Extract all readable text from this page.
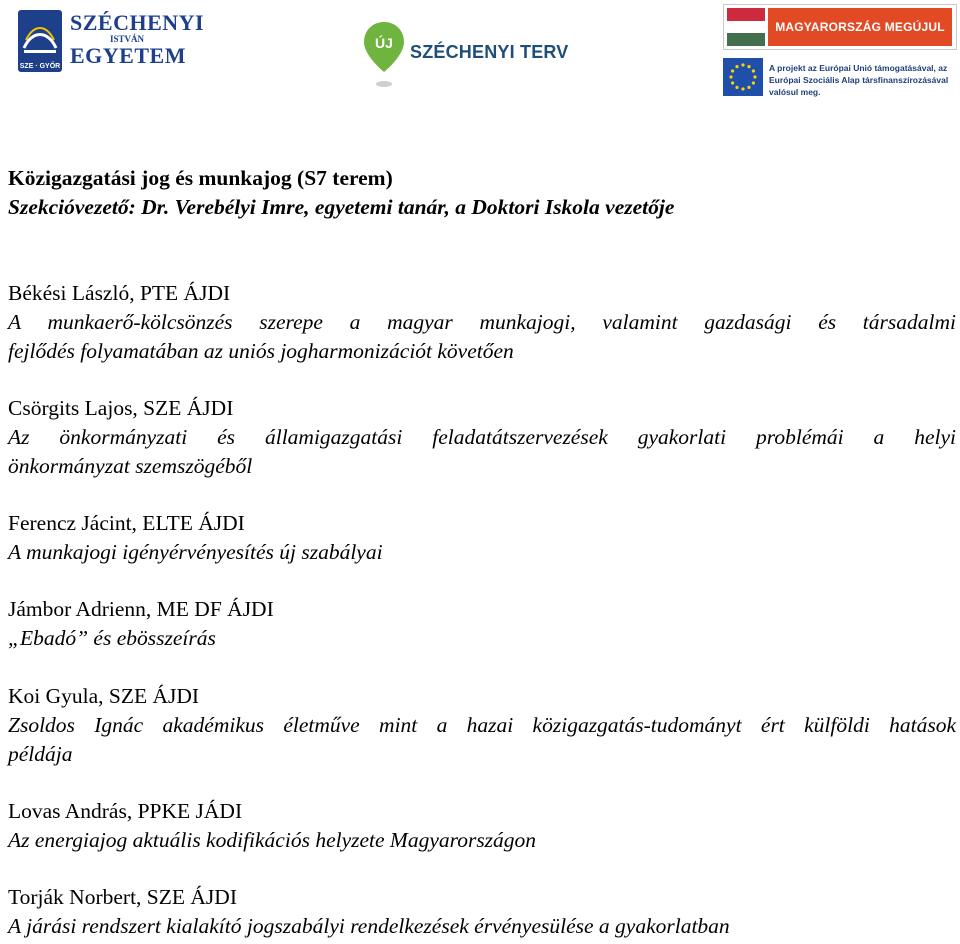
SZE · GYŐR
SZÉCHENYI
ISTVÁN
EGYETEM	ÚJ SZÉCHENYI TERV
MAGYARORSZÁG MEGÚJUL
A projekt az Európai Unió támogatásával, az Európai Szociális Alap társfinanszírozásával valósul meg.
Közigazgatási jog és munkajog (S7 terem)
Szekcióvezető: Dr. Verebélyi Imre, egyetemi tanár, a Doktori Iskola vezetője
Békési László, PTE ÁJDI
A munkaerő-kölcsönzés szerepe a magyar munkajogi, valamint gazdasági és társadalmi
fejlődés folyamatában az uniós jogharmonizációt követően
Csörgits Lajos, SZE ÁJDI
Az önkormányzati és államigazgatási feladatátszervezések gyakorlati problémái a helyi
önkormányzat szemszögéből
Ferencz Jácint, ELTE ÁJDI
A munkajogi igényérvényesítés új szabályai
Jámbor Adrienn, ME DF ÁJDI
„Ebadó” és ebösszeírás
Koi Gyula, SZE ÁJDI
Zsoldos Ignác akadémikus életműve mint a hazai közigazgatás-tudományt ért külföldi hatások
példája
Lovas András, PPKE JÁDI
Az energiajog aktuális kodifikációs helyzete Magyarországon
Torják Norbert, SZE ÁJDI
A járási rendszert kialakító jogszabályi rendelkezések érvényesülése a gyakorlatban
